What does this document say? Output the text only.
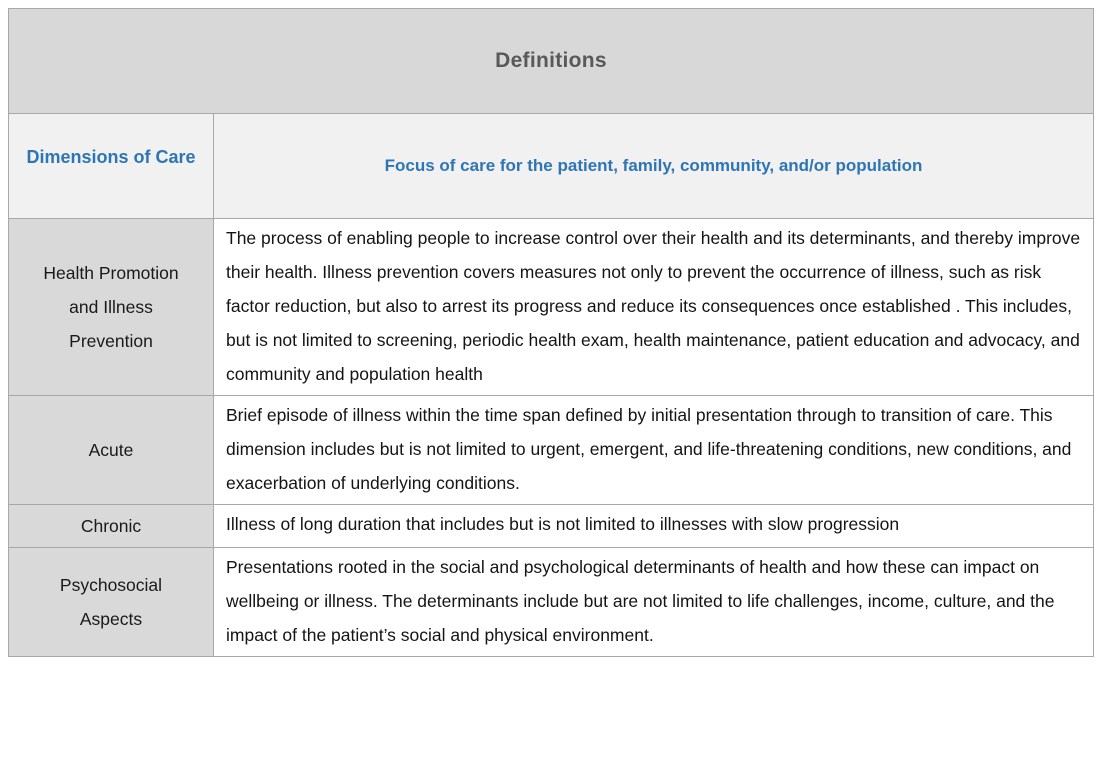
Definitions	
Dimensions of Care	Focus of care for the patient, family, community, and/or population
Health Promotion and Illness Prevention	The process of enabling people to increase control over their health and its determinants, and thereby improve their health. Illness prevention covers measures not only to prevent the occurrence of illness, such as risk factor reduction, but also to arrest its progress and reduce its consequences once established . This includes, but is not limited to screening, periodic health exam, health maintenance, patient education and advocacy, and community and population health
Acute	Brief episode of illness within the time span defined by initial presentation through to transition of care. This dimension includes but is not limited to urgent, emergent, and life-threatening conditions, new conditions, and exacerbation of underlying conditions.
Chronic	Illness of long duration that includes but is not limited to illnesses with slow progression
Psychosocial Aspects	Presentations rooted in the social and psychological determinants of health and how these can impact on wellbeing or illness. The determinants include but are not limited to life challenges, income, culture, and the impact of the patient’s social and physical environment.
